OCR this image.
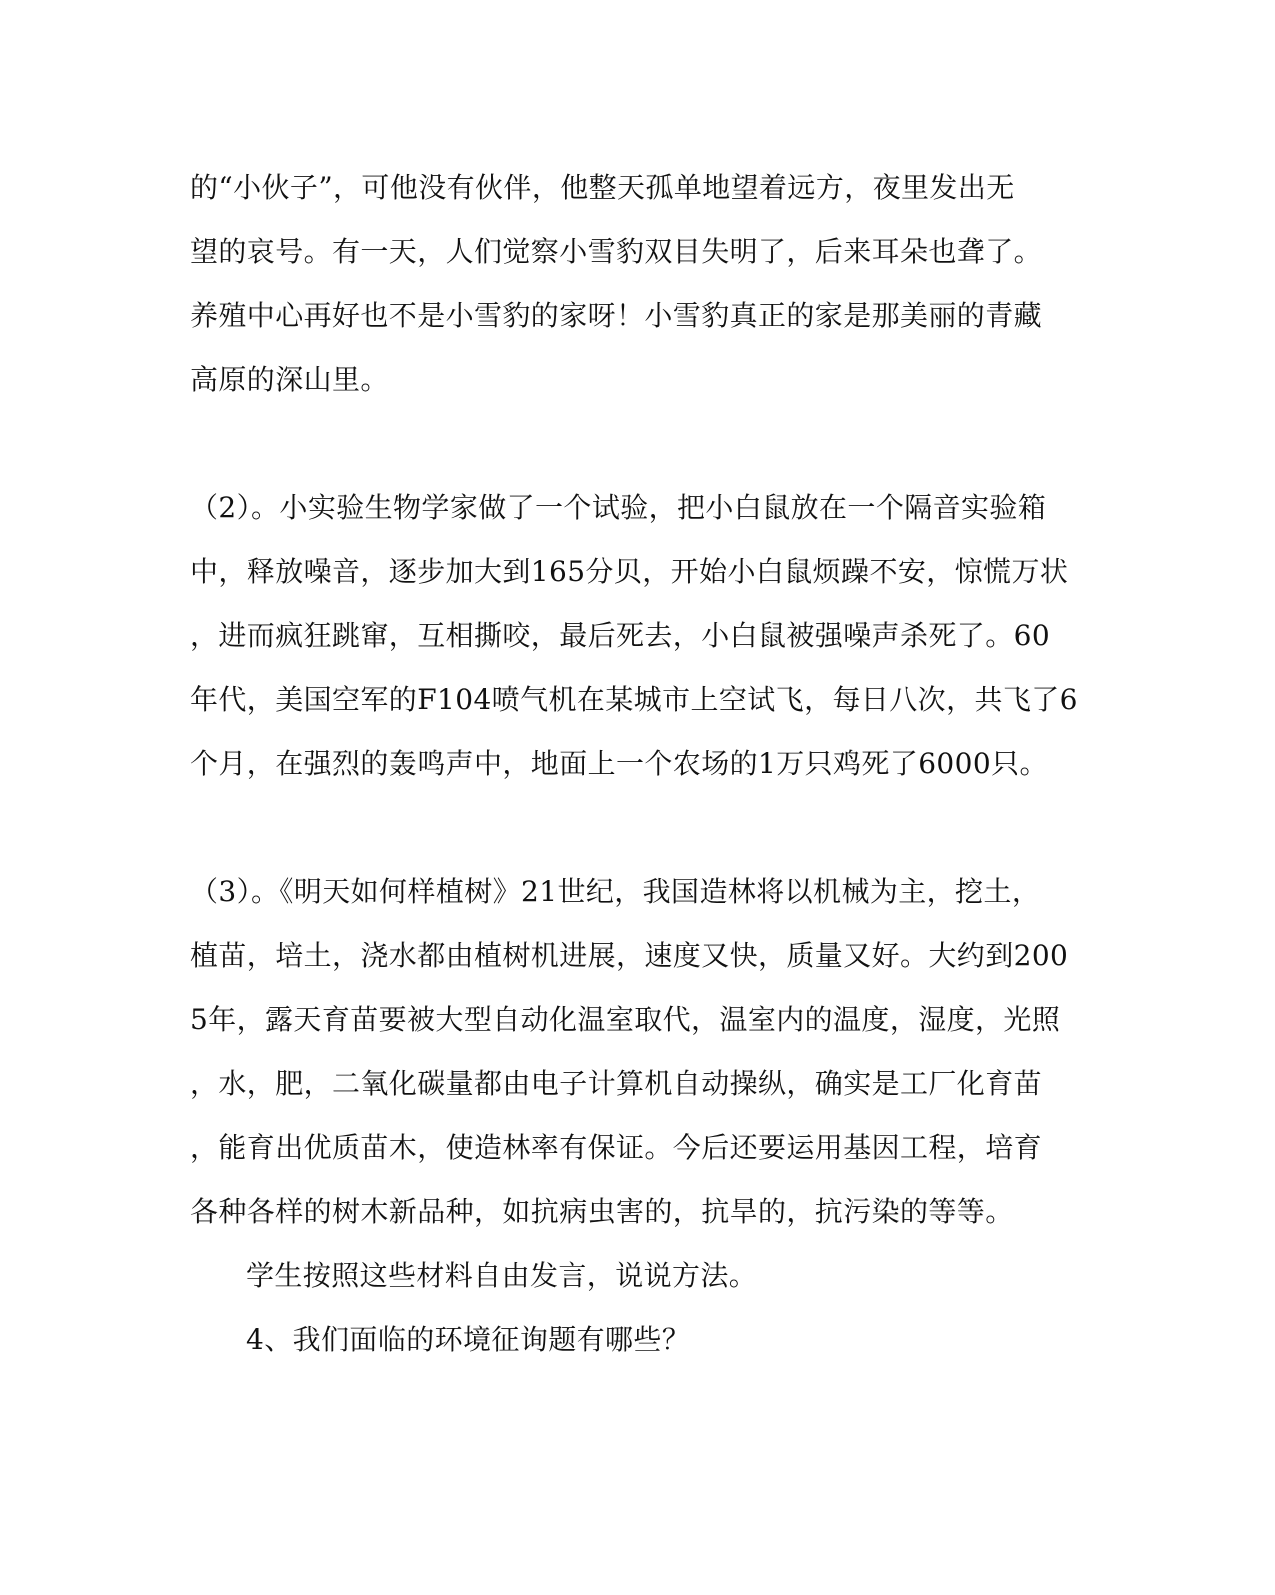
的“小伙子”，可他没有伙伴，他整天孤单地望着远方，夜里发出无
望的哀号。有一天，人们觉察小雪豹双目失明了，后来耳朵也聋了。
养殖中心再好也不是小雪豹的家呀！小雪豹真正的家是那美丽的青藏
高原的深山里。
（2）。小实验生物学家做了一个试验，把小白鼠放在一个隔音实验箱
中，释放噪音，逐步加大到165分贝，开始小白鼠烦躁不安，惊慌万状
，进而疯狂跳窜，互相撕咬，最后死去，小白鼠被强噪声杀死了。60
年代，美国空军的F104喷气机在某城市上空试飞，每日八次，共飞了6
个月，在强烈的轰鸣声中，地面上一个农场的1万只鸡死了6000只。
（3）。《明天如何样植树》21世纪，我国造林将以机械为主，挖土，
植苗，培土，浇水都由植树机进展，速度又快，质量又好。大约到200
5年，露天育苗要被大型自动化温室取代，温室内的温度，湿度，光照
，水，肥，二氧化碳量都由电子计算机自动操纵，确实是工厂化育苗
，能育出优质苗木，使造林率有保证。今后还要运用基因工程，培育
各种各样的树木新品种，如抗病虫害的，抗旱的，抗污染的等等。
学生按照这些材料自由发言，说说方法。
4、我们面临的环境征询题有哪些？
